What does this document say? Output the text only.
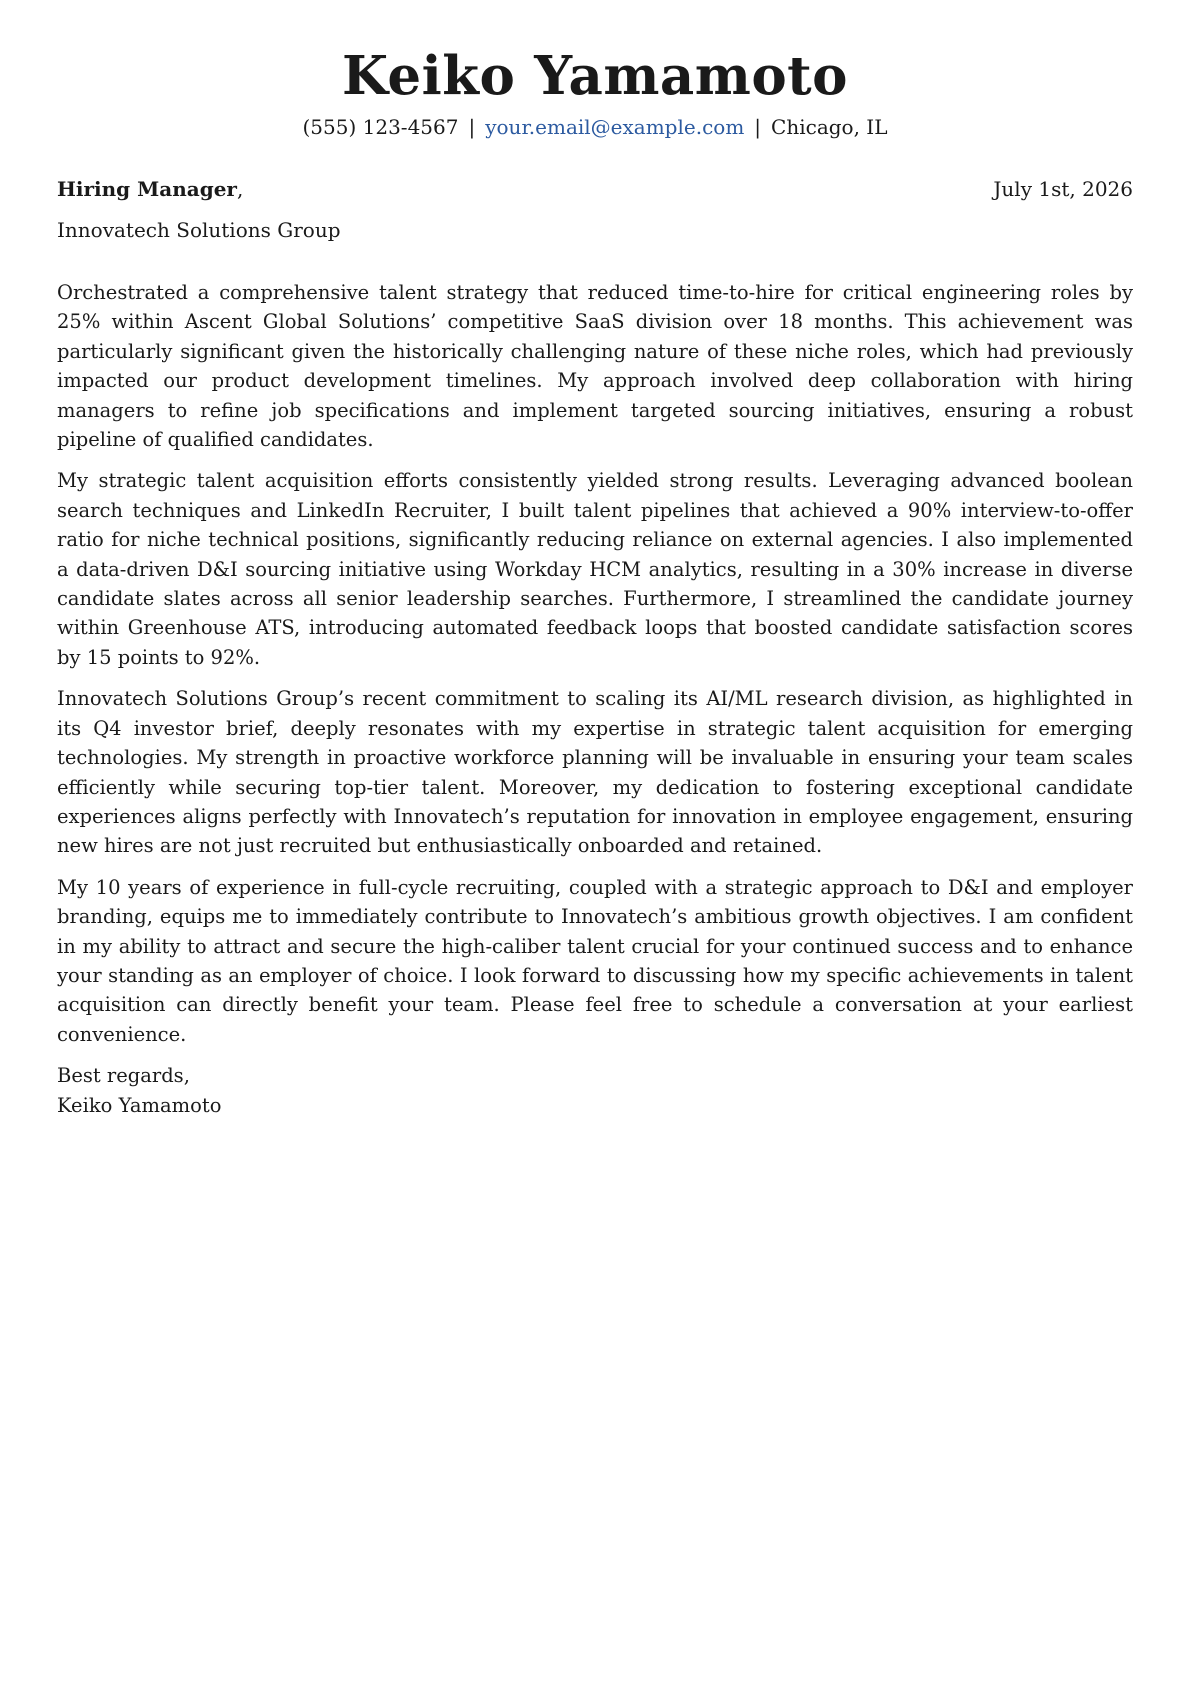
Keiko Yamamoto
(555) 123-4567 | your.email@example.com | Chicago, IL
Hiring Manager,	July 1st, 2026
Innovatech Solutions Group

Orchestrated a comprehensive talent strategy that reduced time-to-hire for critical engineering roles by 25% within Ascent Global Solutions’ competitive SaaS division over 18 months. This achievement was particularly significant given the historically challenging nature of these niche roles, which had previously impacted our product development timelines. My approach involved deep collaboration with hiring managers to refine job specifications and implement targeted sourcing initiatives, ensuring a robust pipeline of qualified candidates.

My strategic talent acquisition efforts consistently yielded strong results. Leveraging advanced boolean search techniques and LinkedIn Recruiter, I built talent pipelines that achieved a 90% interview-to-offer ratio for niche technical positions, significantly reducing reliance on external agencies. I also implemented a data-driven D&I sourcing initiative using Workday HCM analytics, resulting in a 30% increase in diverse candidate slates across all senior leadership searches. Furthermore, I streamlined the candidate journey within Greenhouse ATS, introducing automated feedback loops that boosted candidate satisfaction scores by 15 points to 92%.

Innovatech Solutions Group’s recent commitment to scaling its AI/ML research division, as highlighted in its Q4 investor brief, deeply resonates with my expertise in strategic talent acquisition for emerging technologies. My strength in proactive workforce planning will be invaluable in ensuring your team scales efficiently while securing top-tier talent. Moreover, my dedication to fostering exceptional candidate experiences aligns perfectly with Innovatech’s reputation for innovation in employee engagement, ensuring new hires are not just recruited but enthusiastically onboarded and retained.

My 10 years of experience in full-cycle recruiting, coupled with a strategic approach to D&I and employer branding, equips me to immediately contribute to Innovatech’s ambitious growth objectives. I am confident in my ability to attract and secure the high-caliber talent crucial for your continued success and to enhance your standing as an employer of choice. I look forward to discussing how my specific achievements in talent acquisition can directly benefit your team. Please feel free to schedule a conversation at your earliest convenience.

Best regards,
Keiko Yamamoto
